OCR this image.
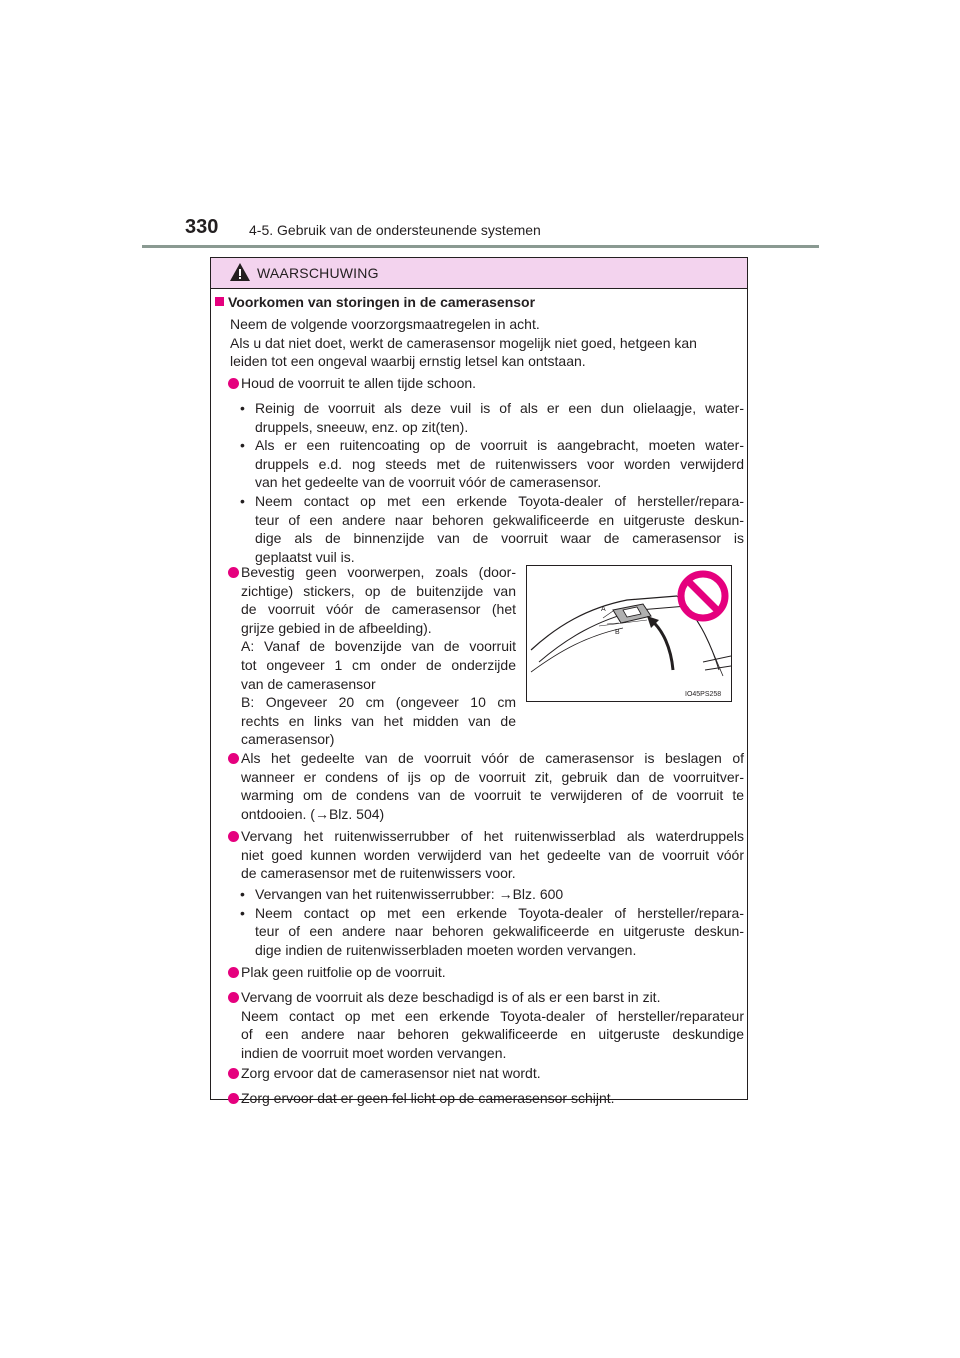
330 4-5. Gebruik van de ondersteunende systemen
WAARSCHUWING

Voorkomen van storingen in de camerasensor

Neem de volgende voorzorgsmaatregelen in acht.

Als u dat niet doet, werkt de camerasensor mogelijk niet goed, hetgeen kan

leiden tot een ongeval waarbij ernstig letsel kan ontstaan.

Houd de voorruit te allen tijde schoon.

• Reinig de voorruit als deze vuil is of als er een dun olielaagje, water-

druppels, sneeuw, enz. op zit(ten).

• Als er een ruitencoating op de voorruit is aangebracht, moeten water-

druppels e.d. nog steeds met de ruitenwissers voor worden verwijderd

van het gedeelte van de voorruit vóór de camerasensor.

• Neem contact op met een erkende Toyota-dealer of hersteller/repara-

teur of een andere naar behoren gekwalificeerde en uitgeruste deskun-

dige als de binnenzijde van de voorruit waar de camerasensor is

geplaatst vuil is.

Bevestig geen voorwerpen, zoals (door-

zichtige) stickers, op de buitenzijde van

de voorruit vóór de camerasensor (het

grijze gebied in de afbeelding).

A: Vanaf de bovenzijde van de voorruit

tot ongeveer 1 cm onder de onderzijde

van de camerasensor

B: Ongeveer 20 cm (ongeveer 10 cm

rechts en links van het midden van de

camerasensor)

Als het gedeelte van de voorruit vóór de camerasensor is beslagen of

wanneer er condens of ijs op de voorruit zit, gebruik dan de voorruitver-

warming om de condens van de voorruit te verwijderen of de voorruit te

ontdooien. (→Blz. 504)

Vervang het ruitenwisserrubber of het ruitenwisserblad als waterdruppels

niet goed kunnen worden verwijderd van het gedeelte van de voorruit vóór

de camerasensor met de ruitenwissers voor.

• Vervangen van het ruitenwisserrubber: →Blz. 600

• Neem contact op met een erkende Toyota-dealer of hersteller/repara-

teur of een andere naar behoren gekwalificeerde en uitgeruste deskun-

dige indien de ruitenwisserbladen moeten worden vervangen.

Plak geen ruitfolie op de voorruit.

Vervang de voorruit als deze beschadigd is of als er een barst in zit.

Neem contact op met een erkende Toyota-dealer of hersteller/reparateur

of een andere naar behoren gekwalificeerde en uitgeruste deskundige

indien de voorruit moet worden vervangen.

Zorg ervoor dat de camerasensor niet nat wordt.

Zorg ervoor dat er geen fel licht op de camerasensor schijnt.

A
B
IO45PS258
